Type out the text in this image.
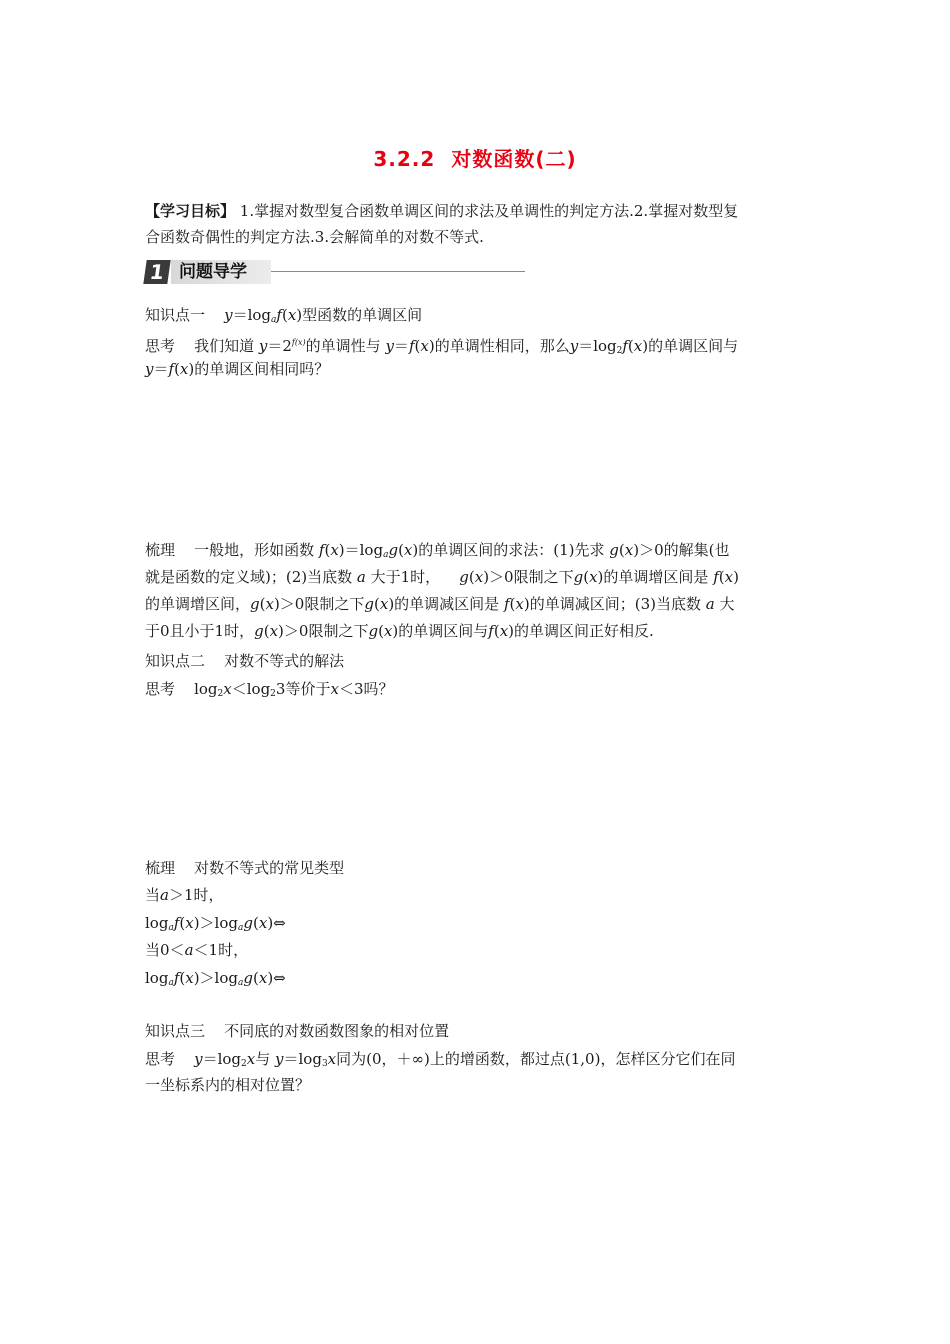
3.2.2 对数函数(二)
【学习目标】 1.掌握对数型复合函数单调区间的求法及单调性的判定方法.2.掌握对数型复
合函数奇偶性的判定方法.3.会解简单的对数不等式.
1 问题导学
知识点一 $y=\log_af(x)$型函数的单调区间
思考 我们知道 $y=2^{f(x)}$的单调性与 y＝f(x)的单调性相同，那么$y=\log_2f(x)$的单调区间与
y＝f(x)的单调区间相同吗？
梳理 一般地，形如函数 $f(x)=\log_ag(x)$的单调区间的求法：(1)先求 g(x)＞0的解集(也
就是函数的定义域)；(2)当底数 a 大于1时， g(x)＞0限制之下g(x)的单调增区间是 f(x)
的单调增区间，g(x)＞0限制之下g(x)的单调减区间是 f(x)的单调减区间；(3)当底数 a 大
于0且小于1时，g(x)＞0限制之下g(x)的单调区间与f(x)的单调区间正好相反.
知识点二 对数不等式的解法
思考    $\log_2x<\log_23$等价于x＜3吗？
梳理 对数不等式的常见类型
当a＞1时，
$\log_af(x)>\log_ag(x)\Leftrightarrow$
当0＜a＜1时，
$\log_af(x)>\log_ag(x)\Leftrightarrow$
知识点三 不同底的对数函数图象的相对位置
思考 $y=\log_2x$与 $y=\log_3x$同为(0，＋∞)上的增函数，都过点(1,0)，怎样区分它们在同
一坐标系内的相对位置？
